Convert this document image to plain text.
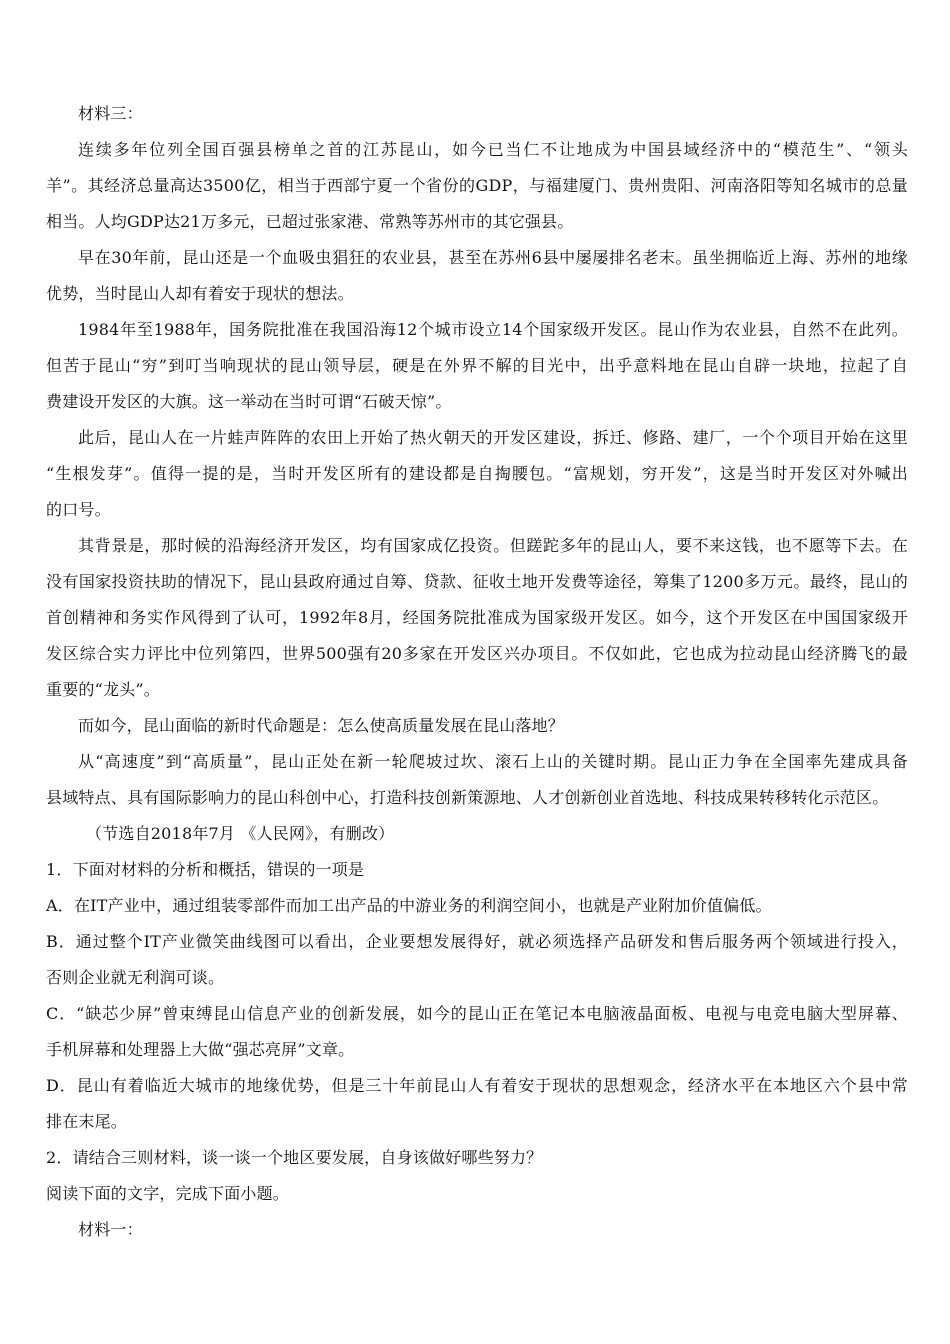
材料三：
连续多年位列全国百强县榜单之首的江苏昆山，如今已当仁不让地成为中国县域经济中的“模范生”、“领头
羊”。其经济总量高达3500亿，相当于西部宁夏一个省份的GDP，与福建厦门、贵州贵阳、河南洛阳等知名城市的总量
相当。人均GDP达21万多元，已超过张家港、常熟等苏州市的其它强县。
早在30年前，昆山还是一个血吸虫猖狂的农业县，甚至在苏州6县中屡屡排名老末。虽坐拥临近上海、苏州的地缘
优势，当时昆山人却有着安于现状的想法。
1984年至1988年，国务院批准在我国沿海12个城市设立14个国家级开发区。昆山作为农业县，自然不在此列。
但苦于昆山“穷”到叮当响现状的昆山领导层，硬是在外界不解的目光中，出乎意料地在昆山自辟一块地，拉起了自
费建设开发区的大旗。这一举动在当时可谓“石破天惊”。
此后，昆山人在一片蛙声阵阵的农田上开始了热火朝天的开发区建设，拆迁、修路、建厂，一个个项目开始在这里
“生根发芽”。值得一提的是，当时开发区所有的建设都是自掏腰包。“富规划，穷开发”，这是当时开发区对外喊出
的口号。
其背景是，那时候的沿海经济开发区，均有国家成亿投资。但蹉跎多年的昆山人，要不来这钱，也不愿等下去。在
没有国家投资扶助的情况下，昆山县政府通过自筹、贷款、征收土地开发费等途径，筹集了1200多万元。最终，昆山的
首创精神和务实作风得到了认可，1992年8月，经国务院批准成为国家级开发区。如今，这个开发区在中国国家级开
发区综合实力评比中位列第四，世界500强有20多家在开发区兴办项目。不仅如此，它也成为拉动昆山经济腾飞的最
重要的“龙头”。
而如今，昆山面临的新时代命题是：怎么使高质量发展在昆山落地？
从“高速度”到“高质量”，昆山正处在新一轮爬坡过坎、滚石上山的关键时期。昆山正力争在全国率先建成具备
县域特点、具有国际影响力的昆山科创中心，打造科技创新策源地、人才创新创业首选地、科技成果转移转化示范区。
（节选自2018年7月 《人民网》，有删改）
1．下面对材料的分析和概括，错误的一项是
A．在IT产业中，通过组装零部件而加工出产品的中游业务的利润空间小，也就是产业附加价值偏低。
B．通过整个IT产业微笑曲线图可以看出，企业要想发展得好，就必须选择产品研发和售后服务两个领域进行投入，
否则企业就无利润可谈。
C．“缺芯少屏”曾束缚昆山信息产业的创新发展，如今的昆山正在笔记本电脑液晶面板、电视与电竞电脑大型屏幕、
手机屏幕和处理器上大做“强芯亮屏”文章。
D．昆山有着临近大城市的地缘优势，但是三十年前昆山人有着安于现状的思想观念，经济水平在本地区六个县中常
排在末尾。
2．请结合三则材料，谈一谈一个地区要发展，自身该做好哪些努力？
阅读下面的文字，完成下面小题。
材料一：
